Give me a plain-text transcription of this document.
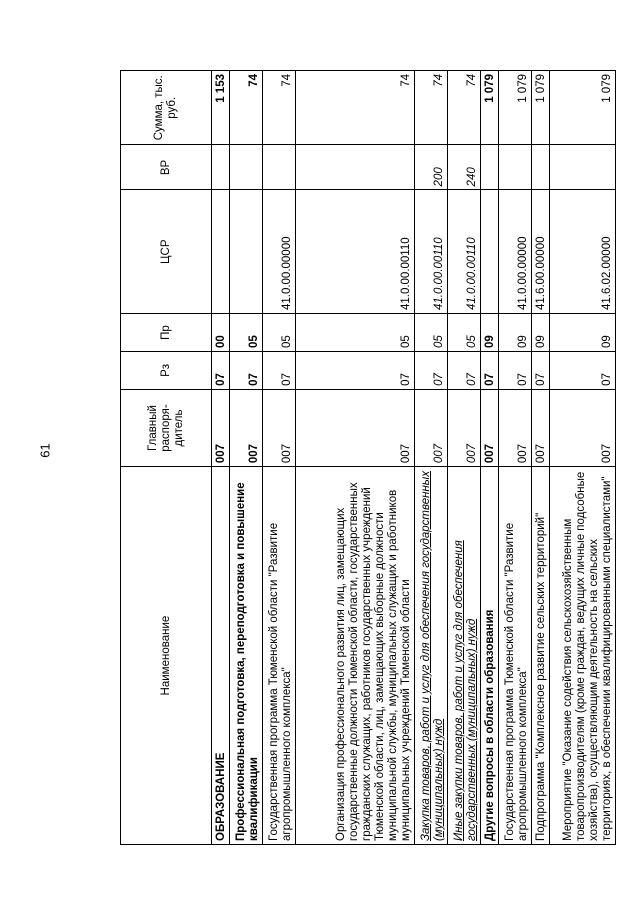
61
Наименование	Главный распоря-дитель	Рз	Пр	ЦСР	ВР	Сумма, тыс. руб.
ОБРАЗОВАНИЕ	007	07	00			1 153
Профессиональная подготовка, переподготовка и повышение квалификации	007	07	05			74
Государственная программа Тюменской области "Развитие агропромышленного комплекса"	007	07	05	41.0.00.00000		74
Организация профессионального развития лиц, замещающих государственные должности Тюменской области, государственных гражданских служащих, работников государственных учреждений Тюменской области, лиц, замещающих выборные должности муниципальной службы, муниципальных служащих и работников муниципальных учреждений Тюменской области	007	07	05	41.0.00.00110		74
Закупка товаров, работ и услуг для обеспечения государственных (муниципальных) нужд	007	07	05	41.0.00.00110	200	74
Иные закупки товаров, работ и услуг для обеспечения государственных (муниципальных) нужд	007	07	05	41.0.00.00110	240	74
Другие вопросы в области образования	007	07	09			1 079
Государственная программа Тюменской области "Развитие агропромышленного комплекса"	007	07	09	41.0.00.00000		1 079
Подпрограмма "Комплексное развитие сельских территорий"	007	07	09	41.6.00.00000		1 079
Мероприятие "Оказание содействия сельскохозяйственным товаропроизводителям (кроме граждан, ведущих личные подсобные хозяйства), осуществляющим деятельность на сельских территориях, в обеспечении квалифицированными специалистами"	007	07	09	41.6.02.00000		1 079
